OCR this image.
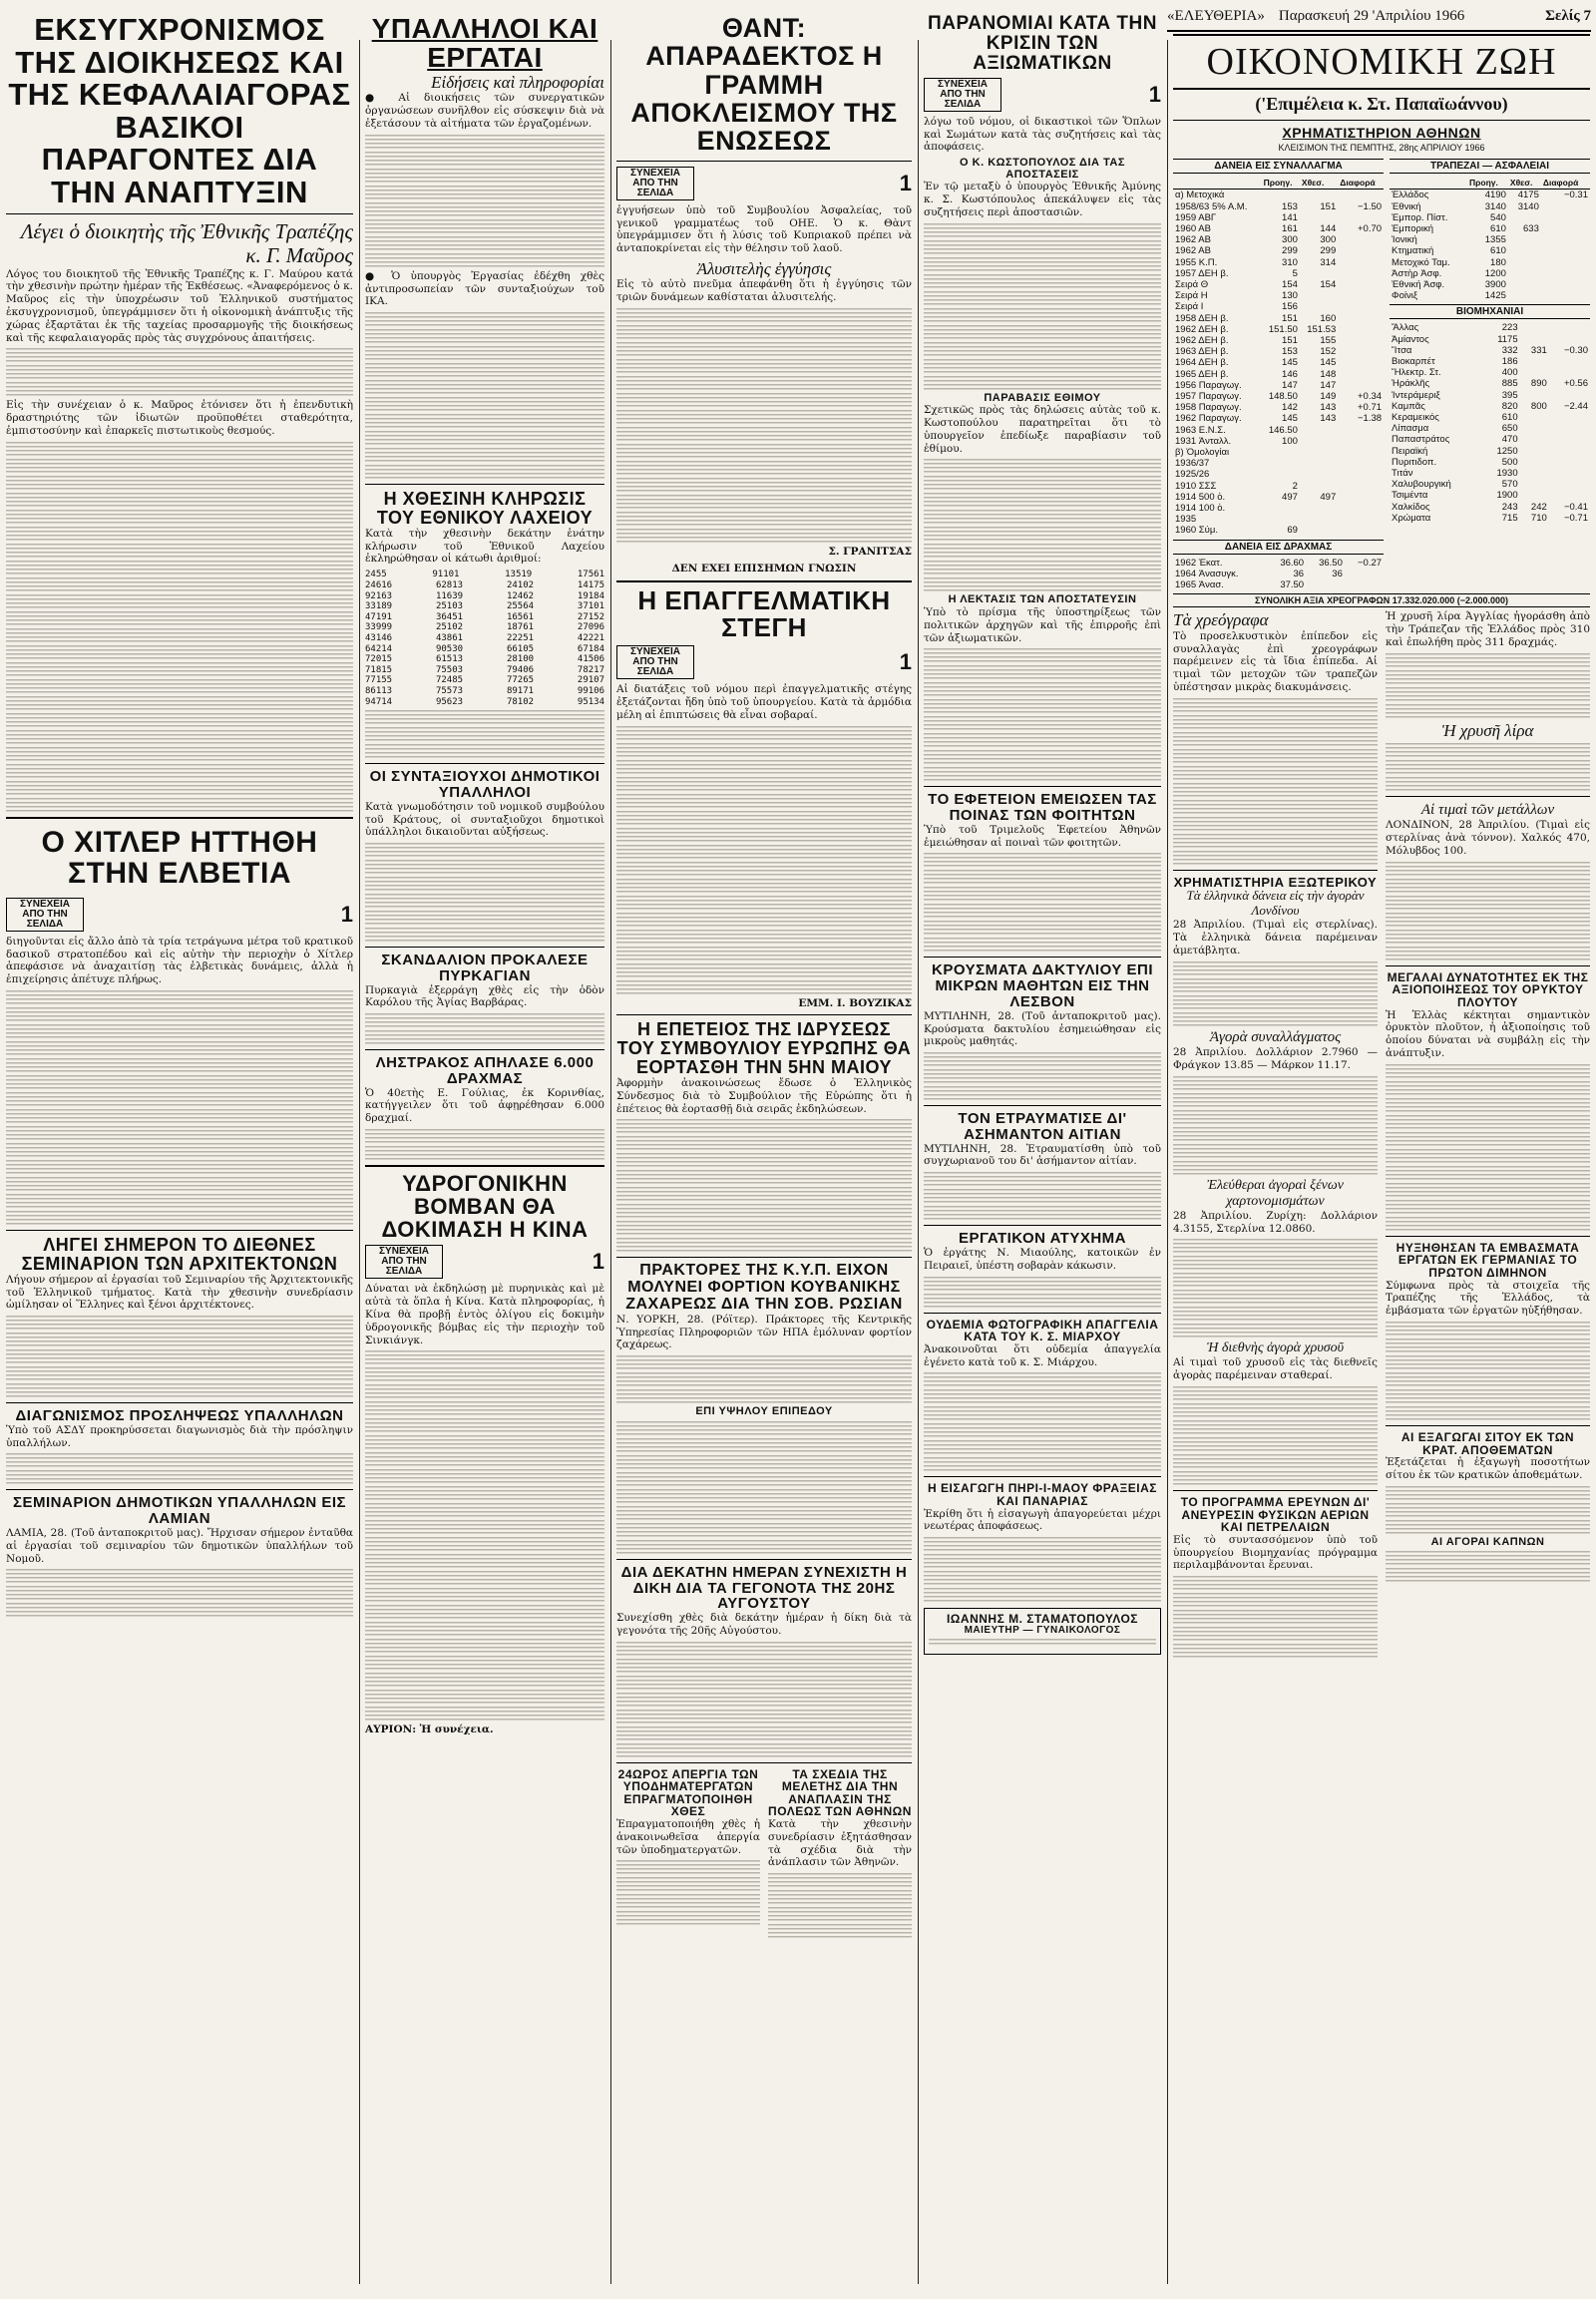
«ΕΛΕΥΘΕΡΙΑ» Παρασκευή 29 'Απριλίου 1966	Σελίς 7
ΕΚΣΥΓΧΡΟΝΙΣΜΟΣ ΤΗΣ ΔΙΟΙΚΗΣΕΩΣ ΚΑΙ ΤΗΣ ΚΕΦΑΛΑΙΑΓΟΡΑΣ ΒΑΣΙΚΟΙ ΠΑΡΑΓΟΝΤΕΣ ΔΙΑ ΤΗΝ ΑΝΑΠΤΥΞΙΝ
Λέγει ὁ διοικητὴς τῆς Ἐθνικῆς Τραπέζης κ. Γ. Μαῦρος

Λόγος του διοικητοῦ τῆς Ἐθνικῆς Τραπέζης κ. Γ. Μαύρου κατά τὴν χθεσινὴν πρώτην ἡμέραν τῆς Ἐκθέσεως. «Ἀναφερόμενος ὁ κ. Μαῦρος εἰς τὴν ὑποχρέωσιν τοῦ Ἑλληνικοῦ συστήματος ἐκσυγχρονισμοῦ, ὑπεγράμμισεν ὅτι ἡ οἰκονομικὴ ἀνάπτυξις τῆς χώρας ἐξαρτᾶται ἐκ τῆς ταχείας προσαρμογῆς τῆς διοικήσεως καὶ τῆς κεφαλαιαγορᾶς πρὸς τὰς συγχρόνους ἀπαιτήσεις.

Εἰς τὴν συνέχειαν ὁ κ. Μαῦρος ἐτόνισεν ὅτι ἡ ἐπενδυτικὴ δραστηριότης τῶν ἰδιωτῶν προϋποθέτει σταθερότητα, ἐμπιστοσύνην καὶ ἐπαρκεῖς πιστωτικοὺς θεσμούς.

Ο ΧΙΤΛΕΡ ΗΤΤΗΘΗ ΣΤΗΝ ΕΛΒΕΤΙΑ
ΣΥΝΕΧΕΙΑ ΑΠΟ ΤΗΝ ΣΕΛΙΔΑ	1

διηγοῦνται εἰς ἄλλο ἀπὸ τὰ τρία τετράγωνα μέτρα τοῦ κρατικοῦ δασικοῦ στρατοπέδου καὶ εἰς αὐτὴν τὴν περιοχὴν ὁ Χίτλερ ἀπεφάσισε νὰ ἀναχαιτίσῃ τὰς ἐλβετικὰς δυνάμεις, ἀλλὰ ἡ ἐπιχείρησις ἀπέτυχε πλήρως.

ΛΗΓΕΙ ΣΗΜΕΡΟΝ ΤΟ ΔΙΕΘΝΕΣ ΣΕΜΙΝΑΡΙΟΝ ΤΩΝ ΑΡΧΙΤΕΚΤΟΝΩΝ

Λήγουν σήμερον αἱ ἐργασίαι τοῦ Σεμιναρίου τῆς Ἀρχιτεκτονικῆς τοῦ Ἑλληνικοῦ τμήματος. Κατὰ τὴν χθεσινὴν συνεδρίασιν ὡμίλησαν οἱ Ἕλληνες καὶ ξένοι ἀρχιτέκτονες.

ΔΙΑΓΩΝΙΣΜΟΣ ΠΡΟΣΛΗΨΕΩΣ ΥΠΑΛΛΗΛΩΝ

Ὑπὸ τοῦ ΑΣΔΥ προκηρύσσεται διαγωνισμὸς διὰ τὴν πρόσληψιν ὑπαλλήλων.

ΣΕΜΙΝΑΡΙΟΝ ΔΗΜΟΤΙΚΩΝ ΥΠΑΛΛΗΛΩΝ ΕΙΣ ΛΑΜΙΑΝ

ΛΑΜΙΑ, 28. (Τοῦ ἀνταποκριτοῦ μας). Ἤρχισαν σήμερον ἐνταῦθα αἱ ἐργασίαι τοῦ σεμιναρίου τῶν δημοτικῶν ὑπαλλήλων τοῦ Νομοῦ.

ΥΠΑΛΛΗΛΟΙ ΚΑΙ ΕΡΓΑΤΑΙ
Εἰδήσεις καὶ πληροφορίαι

● Αἱ διοικήσεις τῶν συνεργατικῶν ὀργανώσεων συνῆλθον εἰς σύσκεψιν διὰ νὰ ἐξετάσουν τὰ αἰτήματα τῶν ἐργαζομένων.

● Ὁ ὑπουργὸς Ἐργασίας ἐδέχθη χθὲς ἀντιπροσωπείαν τῶν συνταξιούχων τοῦ ΙΚΑ.

Η ΧΘΕΣΙΝΗ ΚΛΗΡΩΣΙΣ ΤΟΥ ΕΘΝΙΚΟΥ ΛΑΧΕΙΟΥ

Κατὰ τὴν χθεσινὴν δεκάτην ἑνάτην κλήρωσιν τοῦ Ἐθνικοῦ Λαχείου ἐκληρώθησαν οἱ κάτωθι ἀριθμοί:

2455	91101	13519	17561
24616	62813	24102	14175
92163	11639	12462	19184
33189	25103	25564	37101
47191	36451	16561	27152
33999	25102	18761	27096
43146	43861	22251	42221
64214	90530	66105	67184
72015	61513	28100	41506
71815	75503	79406	78217
77155	72485	77265	29107
86113	75573	89171	99106
94714	95623	78102	95134
ΟΙ ΣΥΝΤΑΞΙΟΥΧΟΙ ΔΗΜΟΤΙΚΟΙ ΥΠΑΛΛΗΛΟΙ

Κατὰ γνωμοδότησιν τοῦ νομικοῦ συμβούλου τοῦ Κράτους, οἱ συνταξιοῦχοι δημοτικοὶ ὑπάλληλοι δικαιοῦνται αὐξήσεως.

ΣΚΑΝΔΑΛΙΟΝ ΠΡΟΚΑΛΕΣΕ ΠΥΡΚΑΓΙΑΝ

Πυρκαγιὰ ἐξερράγη χθὲς εἰς τὴν ὁδὸν Καρόλου τῆς Ἀγίας Βαρβάρας.

ΛΗΣΤΡΑΚΟΣ ΑΠΗΛΑΣΕ 6.000 ΔΡΑΧΜΑΣ

Ὁ 40ετὴς Ε. Γούλιας, ἐκ Κορινθίας, κατήγγειλεν ὅτι τοῦ ἀφῃρέθησαν 6.000 δραχμαί.

ΥΔΡΟΓΟΝΙΚΗΝ ΒΟΜΒΑΝ ΘΑ ΔΟΚΙΜΑΣΗ Η ΚΙΝΑ
ΣΥΝΕΧΕΙΑ ΑΠΟ ΤΗΝ ΣΕΛΙΔΑ	1

Δύναται νὰ ἐκδηλώσῃ μὲ πυρηνικὰς καὶ μὲ αὐτὰ τὰ ὅπλα ἡ Κίνα. Κατὰ πληροφορίας, ἡ Κίνα θὰ προβῇ ἐντὸς ὀλίγου εἰς δοκιμὴν ὑδρογονικῆς βόμβας εἰς τὴν περιοχὴν τοῦ Σινκιάνγκ.

ΑΥΡΙΟΝ: Ἡ συνέχεια.

ΘΑΝΤ: ΑΠΑΡΑΔΕΚΤΟΣ Η ΓΡΑΜΜΗ ΑΠΟΚΛΕΙΣΜΟΥ ΤΗΣ ΕΝΩΣΕΩΣ
ΣΥΝΕΧΕΙΑ ΑΠΟ ΤΗΝ ΣΕΛΙΔΑ	1

ἐγγυήσεων ὑπὸ τοῦ Συμβουλίου Ἀσφαλείας, τοῦ γενικοῦ γραμματέως τοῦ ΟΗΕ. Ὁ κ. Θὰντ ὑπεγράμμισεν ὅτι ἡ λύσις τοῦ Κυπριακοῦ πρέπει νὰ ἀνταποκρίνεται εἰς τὴν θέλησιν τοῦ λαοῦ.

Ἀλυσιτελὴς ἐγγύησις

Εἰς τὸ αὐτὸ πνεῦμα ἀπεφάνθη ὅτι ἡ ἐγγύησις τῶν τριῶν δυνάμεων καθίσταται ἀλυσιτελής.

Σ. ΓΡΑΝΙΤΣΑΣ

ΔΕΝ ΕΧΕΙ ΕΠΙΣΗΜΩΝ ΓΝΩΣΙΝ

Η ΕΠΑΓΓΕΛΜΑΤΙΚΗ ΣΤΕΓΗ
ΣΥΝΕΧΕΙΑ ΑΠΟ ΤΗΝ ΣΕΛΙΔΑ	1

Αἱ διατάξεις τοῦ νόμου περὶ ἐπαγγελματικῆς στέγης ἐξετάζονται ἤδη ὑπὸ τοῦ ὑπουργείου. Κατὰ τὰ ἀρμόδια μέλη αἱ ἐπιπτώσεις θὰ εἶναι σοβαραί.

ΕΜΜ. Ι. ΒΟΥΖΙΚΑΣ

Η ΕΠΕΤΕΙΟΣ ΤΗΣ ΙΔΡΥΣΕΩΣ ΤΟΥ ΣΥΜΒΟΥΛΙΟΥ ΕΥΡΩΠΗΣ ΘΑ ΕΟΡΤΑΣΘΗ ΤΗΝ 5ΗΝ ΜΑΙΟΥ

Ἀφορμὴν ἀνακοινώσεως ἔδωσε ὁ Ἑλληνικὸς Σύνδεσμος διὰ τὸ Συμβούλιον τῆς Εὐρώπης ὅτι ἡ ἐπέτειος θὰ ἑορτασθῇ διὰ σειρᾶς ἐκδηλώσεων.

ΠΡΑΚΤΟΡΕΣ ΤΗΣ Κ.Υ.Π. ΕΙΧΟΝ ΜΟΛΥΝΕΙ ΦΟΡΤΙΟΝ ΚΟΥΒΑΝΙΚΗΣ ΖΑΧΑΡΕΩΣ ΔΙΑ ΤΗΝ ΣΟΒ. ΡΩΣΙΑΝ

Ν. ΥΟΡΚΗ, 28. (Ρόϊτερ). Πράκτορες τῆς Κεντρικῆς Ὑπηρεσίας Πληροφοριῶν τῶν ΗΠΑ ἐμόλυναν φορτίον ζαχάρεως.

ΕΠΙ ΥΨΗΛΟΥ ΕΠΙΠΕΔΟΥ
ΔΙΑ ΔΕΚΑΤΗΝ ΗΜΕΡΑΝ ΣΥΝΕΧΙΣΤΗ Η ΔΙΚΗ ΔΙΑ ΤΑ ΓΕΓΟΝΟΤΑ ΤΗΣ 20ΗΣ ΑΥΓΟΥΣΤΟΥ

Συνεχίσθη χθὲς διὰ δεκάτην ἡμέραν ἡ δίκη διὰ τὰ γεγονότα τῆς 20ῆς Αὐγούστου.

24ΩΡΟΣ ΑΠΕΡΓΙΑ ΤΩΝ ΥΠΟΔΗΜΑΤΕΡΓΑΤΩΝ ΕΠΡΑΓΜΑΤΟΠΟΙΗΘΗ ΧΘΕΣ

Ἐπραγματοποιήθη χθὲς ἡ ἀνακοινωθεῖσα ἀπεργία τῶν ὑποδηματεργατῶν.

ΤΑ ΣΧΕΔΙΑ ΤΗΣ ΜΕΛΕΤΗΣ ΔΙΑ ΤΗΝ ΑΝΑΠΛΑΣΙΝ ΤΗΣ ΠΟΛΕΩΣ ΤΩΝ ΑΘΗΝΩΝ

Κατὰ τὴν χθεσινὴν συνεδρίασιν ἐξητάσθησαν τὰ σχέδια διὰ τὴν ἀνάπλασιν τῶν Ἀθηνῶν.

ΠΑΡΑΝΟΜΙΑΙ ΚΑΤΑ ΤΗΝ ΚΡΙΣΙΝ ΤΩΝ ΑΞΙΩΜΑΤΙΚΩΝ
ΣΥΝΕΧΕΙΑ ΑΠΟ ΤΗΝ ΣΕΛΙΔΑ	1

λόγω τοῦ νόμου, οἱ δικαστικοὶ τῶν Ὅπλων καὶ Σωμάτων κατὰ τὰς συζητήσεις καὶ τὰς ἀποφάσεις.

Ο Κ. ΚΩΣΤΟΠΟΥΛΟΣ ΔΙΑ ΤΑΣ ΑΠΟΣΤΑΣΕΙΣ

Ἐν τῷ μεταξὺ ὁ ὑπουργὸς Ἐθνικῆς Ἀμύνης κ. Σ. Κωστόπουλος ἀπεκάλυψεν εἰς τὰς συζητήσεις περὶ ἀποστασιῶν.

ΠΑΡΑΒΑΣΙΣ ΕΘΙΜΟΥ

Σχετικῶς πρὸς τὰς δηλώσεις αὐτὰς τοῦ κ. Κωστοπούλου παρατηρεῖται ὅτι τὸ ὑπουργεῖον ἐπεδίωξε παραβίασιν τοῦ ἐθίμου.

Η ΛΕΚΤΑΣΙΣ ΤΩΝ ΑΠΟΣΤΑΤΕΥΣΙΝ

Ὑπὸ τὸ πρίσμα τῆς ὑποστηρίξεως τῶν πολιτικῶν ἀρχηγῶν καὶ τῆς ἐπιρροῆς ἐπὶ τῶν ἀξιωματικῶν.

ΤΟ ΕΦΕΤΕΙΟΝ ΕΜΕΙΩΣΕΝ ΤΑΣ ΠΟΙΝΑΣ ΤΩΝ ΦΟΙΤΗΤΩΝ

Ὑπὸ τοῦ Τριμελοῦς Ἐφετείου Ἀθηνῶν ἐμειώθησαν αἱ ποιναὶ τῶν φοιτητῶν.

ΚΡΟΥΣΜΑΤΑ ΔΑΚΤΥΛΙΟΥ ΕΠΙ ΜΙΚΡΩΝ ΜΑΘΗΤΩΝ ΕΙΣ ΤΗΝ ΛΕΣΒΟΝ

ΜΥΤΙΛΗΝΗ, 28. (Τοῦ ἀνταποκριτοῦ μας). Κρούσματα δακτυλίου ἐσημειώθησαν εἰς μικροὺς μαθητάς.

ΤΟΝ ΕΤΡΑΥΜΑΤΙΣΕ ΔΙ' ΑΣΗΜΑΝΤΟΝ ΑΙΤΙΑΝ

ΜΥΤΙΛΗΝΗ, 28. Ἐτραυματίσθη ὑπὸ τοῦ συγχωριανοῦ του δι' ἀσήμαντον αἰτίαν.

ΕΡΓΑΤΙΚΟΝ ΑΤΥΧΗΜΑ

Ὁ ἐργάτης Ν. Μιαούλης, κατοικῶν ἐν Πειραιεῖ, ὑπέστη σοβαρὰν κάκωσιν.

ΟΥΔΕΜΙΑ ΦΩΤΟΓΡΑΦΙΚΗ ΑΠΑΓΓΕΛΙΑ ΚΑΤΑ ΤΟΥ Κ. Σ. ΜΙΑΡΧΟΥ

Ἀνακοινοῦται ὅτι οὐδεμία ἀπαγγελία ἐγένετο κατὰ τοῦ κ. Σ. Μιάρχου.

Η ΕΙΣΑΓΩΓΗ ΠΗΡΙ-Ι-ΜΑΟΥ ΦΡΑΞΕΙΑΣ ΚΑΙ ΠΑΝΑΡΙΑΣ

Ἐκρίθη ὅτι ἡ εἰσαγωγὴ ἀπαγορεύεται μέχρι νεωτέρας ἀποφάσεως.

ΙΩΑΝΝΗΣ Μ. ΣΤΑΜΑΤΟΠΟΥΛΟΣ
ΜΑΙΕΥΤΗΡ — ΓΥΝΑΙΚΟΛΟΓΟΣ
ΟΙΚΟΝΟΜΙΚΗ ΖΩΗ
('Επιμέλεια κ. Στ. Παπαϊωάννου)
ΧΡΗΜΑΤΙΣΤΗΡΙΟΝ ΑΘΗΝΩΝ
ΚΛΕΙΣΙΜΟΝ ΤΗΣ ΠΕΜΠΤΗΣ, 28ης ΑΠΡΙΛΙΟΥ 1966
ΔΑΝΕΙΑ ΕΙΣ ΣΥΝΑΛΛΑΓΜΑ
	Προηγ.	Χθεσ.	Διαφορά
α) Μετοχικά			
1958/63 5% Α.Μ.	153	151	−1.50
1959 ΑΒΓ	141		
1960 ΑΒ	161	144	+0.70
1962 ΑΒ	300	300	
1962 ΑΒ	299	299	
1955 Κ.Π.	310	314	
1957 ΔΕΗ β.	5		
Σειρά Θ	154	154	
Σειρά Η	130		
Σειρά Ι	156		
1958 ΔΕΗ β.	151	160	
1962 ΔΕΗ β.	151.50	151.53	
1962 ΔΕΗ β.	151	155	
1963 ΔΕΗ β.	153	152	
1964 ΔΕΗ β.	145	145	
1965 ΔΕΗ β.	146	148	
1956 Παραγωγ.	147	147	
1957 Παραγωγ.	148.50	149	+0.34
1958 Παραγωγ.	142	143	+0.71
1962 Παραγωγ.	145	143	−1.38
1963 Ε.Ν.Σ.	146.50		
1931 Ἀνταλλ.	100		
β) Ὁμολογίαι			
1936/37			
1925/26			
1910 ΣΣΣ	2		
1914 500 ὁ.	497	497	
1914 100 ὁ.			
1935			
1960 Σύμ.	69		
ΔΑΝΕΙΑ ΕΙΣ ΔΡΑΧΜΑΣ
1962 Ἐκατ.	36.60	36.50	−0.27
1964 Ἀνασυγκ.	36	36	
1965 Ἀνασ.	37.50		
ΤΡΑΠΕΖΑΙ — ΑΣΦΑΛΕΙΑΙ
	Προηγ.	Χθεσ.	Διαφορά
Ἑλλάδος	4190	4175	−0.31
Ἐθνική	3140	3140	
Ἐμπορ. Πίστ.	540		
Ἐμπορική	610	633	
Ἰονική	1355		
Κτηματική	610		
Μετοχικό Ταμ.	180		
Ἀστὴρ Ἀσφ.	1200		
Ἐθνική Ἀσφ.	3900		
Φοίνιξ	1425		
ΒΙΟΜΗΧΑΝΙΑΙ
Ἄλλας	223		
Ἀμίαντος	1175		
Ἴτσα	332	331	−0.30
Βιοκαρπέτ	186		
Ἤλεκτρ. Στ.	400		
Ἡράκλῆς	885	890	+0.56
Ἰντεράμεριξ	395		
Καμπᾶς	820	800	−2.44
Κεραμεικός	610		
Λίπασμα	650		
Παπαστράτος	470		
Πειραϊκή	1250		
Πυριτιδοπ.	500		
Τιτάν	1930		
Χαλυβουργική	570		
Τσιμέντα	1900		
Χαλκίδος	243	242	−0.41
Χρώματα	715	710	−0.71
ΣΥΝΟΛΙΚΗ ΑΞΙΑ ΧΡΕΟΓΡΑΦΩΝ 17.332.020.000 (−2.000.000)
Τὰ χρεόγραφα

Τὸ προσελκυστικὸν ἐπίπεδον εἰς συναλλαγὰς ἐπὶ χρεογράφων παρέμεινεν εἰς τὰ ἴδια ἐπίπεδα. Αἱ τιμαὶ τῶν μετοχῶν τῶν τραπεζῶν ὑπέστησαν μικρὰς διακυμάνσεις.

ΧΡΗΜΑΤΙΣΤΗΡΙΑ ΕΞΩΤΕΡΙΚΟΥ
Τὰ ἑλληνικὰ δάνεια εἰς τὴν ἀγορὰν Λονδίνου

28 Ἀπριλίου. (Τιμαὶ εἰς στερλίνας). Τὰ ἑλληνικὰ δάνεια παρέμειναν ἀμετάβλητα.

Ἀγορὰ συναλλάγματος

28 Ἀπριλίου. Δολλάριον 2.7960 — Φράγκον 13.85 — Μάρκον 11.17.

Ἐλεύθεραι ἀγοραὶ ξένων χαρτονομισμάτων

28 Ἀπριλίου. Ζυρίχη: Δολλάριον 4.3155, Στερλίνα 12.0860.

Ἡ διεθνὴς ἀγορὰ χρυσοῦ

Αἱ τιμαὶ τοῦ χρυσοῦ εἰς τὰς διεθνεῖς ἀγορὰς παρέμειναν σταθεραί.

ΤΟ ΠΡΟΓΡΑΜΜΑ ΕΡΕΥΝΩΝ ΔΙ' ΑΝΕΥΡΕΣΙΝ ΦΥΣΙΚΩΝ ΑΕΡΙΩΝ ΚΑΙ ΠΕΤΡΕΛΑΙΩΝ

Εἰς τὸ συντασσόμενον ὑπὸ τοῦ ὑπουργείου Βιομηχανίας πρόγραμμα περιλαμβάνονται ἔρευναι.

Ἡ χρυσῆ λίρα Ἀγγλίας ἠγοράσθη ἀπὸ τὴν Τράπεζαν τῆς Ἑλλάδος πρὸς 310 καὶ ἐπωλήθη πρὸς 311 δραχμάς.

Ἡ χρυσῆ λίρα
Αἱ τιμαὶ τῶν μετάλλων

ΛΟΝΔΙΝΟΝ, 28 Ἀπριλίου. (Τιμαὶ εἰς στερλίνας ἀνὰ τόννον). Χαλκός 470, Μόλυβδος 100.

ΜΕΓΑΛΑΙ ΔΥΝΑΤΟΤΗΤΕΣ ΕΚ ΤΗΣ ΑΞΙΟΠΟΙΗΣΕΩΣ ΤΟΥ ΟΡΥΚΤΟΥ ΠΛΟΥΤΟΥ

Ἡ Ἑλλὰς κέκτηται σημαντικὸν ὀρυκτὸν πλοῦτον, ἡ ἀξιοποίησις τοῦ ὁποίου δύναται νὰ συμβάλῃ εἰς τὴν ἀνάπτυξιν.

ΗΥΞΗΘΗΣΑΝ ΤΑ ΕΜΒΑΣΜΑΤΑ ΕΡΓΑΤΩΝ ΕΚ ΓΕΡΜΑΝΙΑΣ ΤΟ ΠΡΩΤΟΝ ΔΙΜΗΝΟΝ

Σύμφωνα πρὸς τὰ στοιχεῖα τῆς Τραπέζης τῆς Ἑλλάδος, τὰ ἐμβάσματα τῶν ἐργατῶν ηὐξήθησαν.

ΑΙ ΕΞΑΓΩΓΑΙ ΣΙΤΟΥ ΕΚ ΤΩΝ ΚΡΑΤ. ΑΠΟΘΕΜΑΤΩΝ

Ἐξετάζεται ἡ ἐξαγωγὴ ποσοτήτων σίτου ἐκ τῶν κρατικῶν ἀποθεμάτων.

ΑΙ ΑΓΟΡΑΙ ΚΑΠΝΩΝ
